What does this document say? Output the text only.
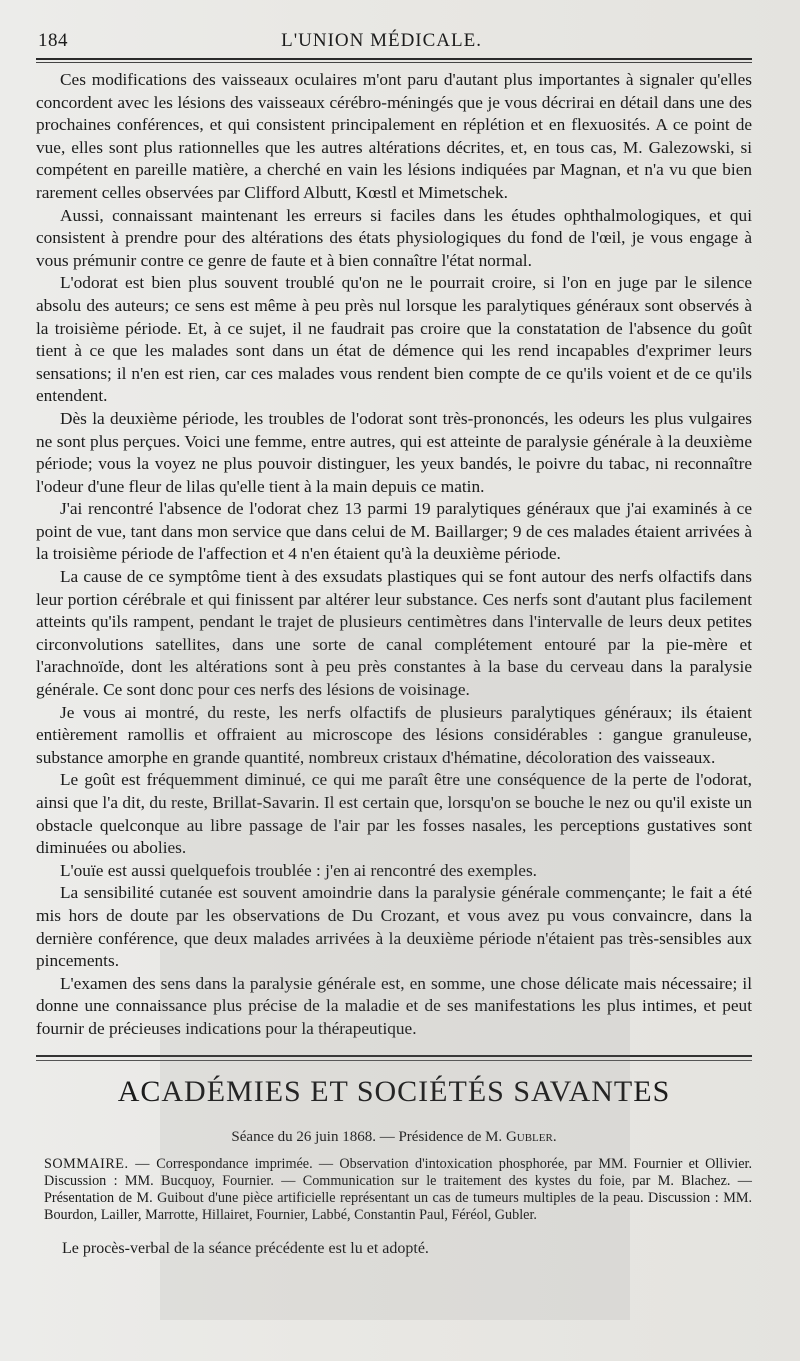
184	L'UNION MÉDICALE.

Ces modifications des vaisseaux oculaires m'ont paru d'autant plus importantes à signaler qu'elles concordent avec les lésions des vaisseaux cérébro-méningés que je vous décrirai en détail dans une des prochaines conférences, et qui consistent principalement en réplétion et en flexuosités. A ce point de vue, elles sont plus rationnelles que les autres altérations décrites, et, en tous cas, M. Galezowski, si compétent en pareille matière, a cherché en vain les lésions indiquées par Magnan, et n'a vu que bien rarement celles observées par Clifford Albutt, Kœstl et Mimetschek.

Aussi, connaissant maintenant les erreurs si faciles dans les études ophthalmologiques, et qui consistent à prendre pour des altérations des états physiologiques du fond de l'œil, je vous engage à vous prémunir contre ce genre de faute et à bien connaître l'état normal.

L'odorat est bien plus souvent troublé qu'on ne le pourrait croire, si l'on en juge par le silence absolu des auteurs; ce sens est même à peu près nul lorsque les paralytiques généraux sont observés à la troisième période. Et, à ce sujet, il ne faudrait pas croire que la constatation de l'absence du goût tient à ce que les malades sont dans un état de démence qui les rend incapables d'exprimer leurs sensations; il n'en est rien, car ces malades vous rendent bien compte de ce qu'ils voient et de ce qu'ils entendent.

Dès la deuxième période, les troubles de l'odorat sont très-prononcés, les odeurs les plus vulgaires ne sont plus perçues. Voici une femme, entre autres, qui est atteinte de paralysie générale à la deuxième période; vous la voyez ne plus pouvoir distinguer, les yeux bandés, le poivre du tabac, ni reconnaître l'odeur d'une fleur de lilas qu'elle tient à la main depuis ce matin.

J'ai rencontré l'absence de l'odorat chez 13 parmi 19 paralytiques généraux que j'ai examinés à ce point de vue, tant dans mon service que dans celui de M. Baillarger; 9 de ces malades étaient arrivées à la troisième période de l'affection et 4 n'en étaient qu'à la deuxième période.

La cause de ce symptôme tient à des exsudats plastiques qui se font autour des nerfs olfactifs dans leur portion cérébrale et qui finissent par altérer leur substance. Ces nerfs sont d'autant plus facilement atteints qu'ils rampent, pendant le trajet de plusieurs centimètres dans l'intervalle de leurs deux petites circonvolutions satellites, dans une sorte de canal complétement entouré par la pie-mère et l'arachnoïde, dont les altérations sont à peu près constantes à la base du cerveau dans la paralysie générale. Ce sont donc pour ces nerfs des lésions de voisinage.

Je vous ai montré, du reste, les nerfs olfactifs de plusieurs paralytiques généraux; ils étaient entièrement ramollis et offraient au microscope des lésions considérables : gangue granuleuse, substance amorphe en grande quantité, nombreux cristaux d'hématine, décoloration des vaisseaux.

Le goût est fréquemment diminué, ce qui me paraît être une conséquence de la perte de l'odorat, ainsi que l'a dit, du reste, Brillat-Savarin. Il est certain que, lorsqu'on se bouche le nez ou qu'il existe un obstacle quelconque au libre passage de l'air par les fosses nasales, les perceptions gustatives sont diminuées ou abolies.

L'ouïe est aussi quelquefois troublée : j'en ai rencontré des exemples.

La sensibilité cutanée est souvent amoindrie dans la paralysie générale commençante; le fait a été mis hors de doute par les observations de Du Crozant, et vous avez pu vous convaincre, dans la dernière conférence, que deux malades arrivées à la deuxième période n'étaient pas très-sensibles aux pincements.

L'examen des sens dans la paralysie générale est, en somme, une chose délicate mais nécessaire; il donne une connaissance plus précise de la maladie et de ses manifestations les plus intimes, et peut fournir de précieuses indications pour la thérapeutique.

ACADÉMIES ET SOCIÉTÉS SAVANTES
Séance du 26 juin 1868. — Présidence de M. Gubler.

SOMMAIRE. — Correspondance imprimée. — Observation d'intoxication phosphorée, par MM. Fournier et Ollivier. Discussion : MM. Bucquoy, Fournier. — Communication sur le traitement des kystes du foie, par M. Blachez. — Présentation de M. Guibout d'une pièce artificielle représentant un cas de tumeurs multiples de la peau. Discussion : MM. Bourdon, Lailler, Marrotte, Hillairet, Fournier, Labbé, Constantin Paul, Féréol, Gubler.

Le procès-verbal de la séance précédente est lu et adopté.
